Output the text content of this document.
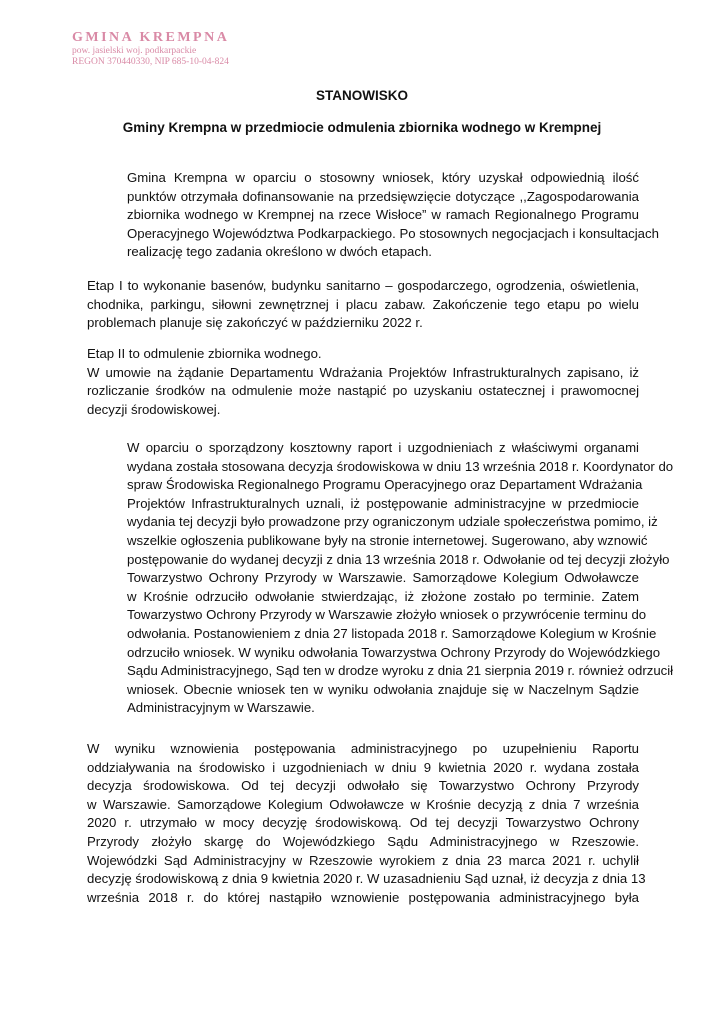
GMINA KREMPNA
pow. jasielski woj. podkarpackie
REGON 370440330, NIP 685-10-04-824
STANOWISKO
Gminy Krempna w przedmiocie odmulenia zbiornika wodnego w Krempnej
Gmina Krempna w oparciu o stosowny wniosek, który uzyskał odpowiednią ilość
punktów otrzymała dofinansowanie na przedsięwzięcie dotyczące ,,Zagospodarowania
zbiornika wodnego w Krempnej na rzece Wisłoce” w ramach Regionalnego Programu
Operacyjnego Województwa Podkarpackiego. Po stosownych negocjacjach i konsultacjach
realizację tego zadania określono w dwóch etapach.
Etap I to wykonanie basenów, budynku sanitarno – gospodarczego, ogrodzenia, oświetlenia,
chodnika, parkingu, siłowni zewnętrznej i placu zabaw. Zakończenie tego etapu po wielu
problemach planuje się zakończyć w październiku 2022 r.
Etap II to odmulenie zbiornika wodnego.
W umowie na żądanie Departamentu Wdrażania Projektów Infrastrukturalnych zapisano, iż
rozliczanie środków na odmulenie może nastąpić po uzyskaniu ostatecznej i prawomocnej
decyzji środowiskowej.
W oparciu o sporządzony kosztowny raport i uzgodnieniach z właściwymi organami
wydana została stosowana decyzja środowiskowa w dniu 13 września 2018 r. Koordynator do
spraw Środowiska Regionalnego Programu Operacyjnego oraz Departament Wdrażania
Projektów Infrastrukturalnych uznali, iż postępowanie administracyjne w przedmiocie
wydania tej decyzji było prowadzone przy ograniczonym udziale społeczeństwa pomimo, iż
wszelkie ogłoszenia publikowane były na stronie internetowej. Sugerowano, aby wznowić
postępowanie do wydanej decyzji z dnia 13 września 2018 r. Odwołanie od tej decyzji złożyło
Towarzystwo Ochrony Przyrody w Warszawie. Samorządowe Kolegium Odwoławcze
w Krośnie odrzuciło odwołanie stwierdzając, iż złożone zostało po terminie. Zatem
Towarzystwo Ochrony Przyrody w Warszawie złożyło wniosek o przywrócenie terminu do
odwołania. Postanowieniem z dnia 27 listopada 2018 r. Samorządowe Kolegium w Krośnie
odrzuciło wniosek. W wyniku odwołania Towarzystwa Ochrony Przyrody do Wojewódzkiego
Sądu Administracyjnego, Sąd ten w drodze wyroku z dnia 21 sierpnia 2019 r. również odrzucił
wniosek. Obecnie wniosek ten w wyniku odwołania znajduje się w Naczelnym Sądzie
Administracyjnym w Warszawie.
W wyniku wznowienia postępowania administracyjnego po uzupełnieniu Raportu
oddziaływania na środowisko i uzgodnieniach w dniu 9 kwietnia 2020 r. wydana została
decyzja środowiskowa. Od tej decyzji odwołało się Towarzystwo Ochrony Przyrody
w Warszawie. Samorządowe Kolegium Odwoławcze w Krośnie decyzją z dnia 7 września
2020 r. utrzymało w mocy decyzję środowiskową. Od tej decyzji Towarzystwo Ochrony
Przyrody złożyło skargę do Wojewódzkiego Sądu Administracyjnego w Rzeszowie.
Wojewódzki Sąd Administracyjny w Rzeszowie wyrokiem z dnia 23 marca 2021 r. uchylił
decyzję środowiskową z dnia 9 kwietnia 2020 r. W uzasadnieniu Sąd uznał, iż decyzja z dnia 13
września 2018 r. do której nastąpiło wznowienie postępowania administracyjnego była
